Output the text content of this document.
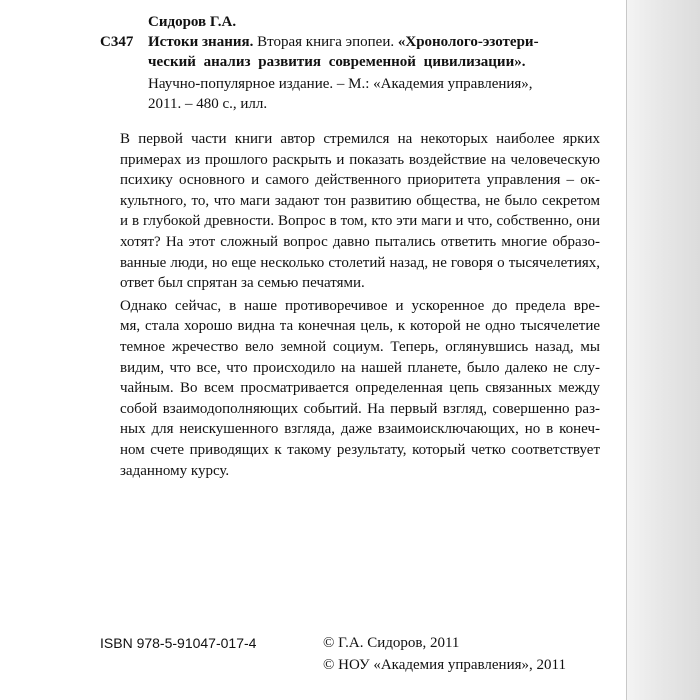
Сидоров Г.А.
С347 Истоки знания. Вторая книга эпопеи. «Хронолого-эзотери-
ческий анализ развития современной цивилизации».
Научно-популярное издание. – М.: «Академия управления»,
2011. – 480 с., илл.

В первой части книги автор стремился на некоторых наиболее ярких
примерах из прошлого раскрыть и показать воздействие на человеческую
психику основного и самого действенного приоритета управления – ок-
культного, то, что маги задают тон развитию общества, не было секретом
и в глубокой древности. Вопрос в том, кто эти маги и что, собственно, они
хотят? На этот сложный вопрос давно пытались ответить многие образо-
ванные люди, но еще несколько столетий назад, не говоря о тысячелетиях,
ответ был спрятан за семью печатями.

Однако сейчас, в наше противоречивое и ускоренное до предела вре-
мя, стала хорошо видна та конечная цель, к которой не одно тысячелетие
темное жречество вело земной социум. Теперь, оглянувшись назад, мы
видим, что все, что происходило на нашей планете, было далеко не слу-
чайным. Во всем просматривается определенная цепь связанных между
собой взаимодополняющих событий. На первый взгляд, совершенно раз-
ных для неискушенного взгляда, даже взаимоисключающих, но в конеч-
ном счете приводящих к такому результату, который четко соответствует
заданному курсу.

ISBN 978-5-91047-017-4	© Г.А. Сидоров, 2011
© НОУ «Академия управления», 2011
